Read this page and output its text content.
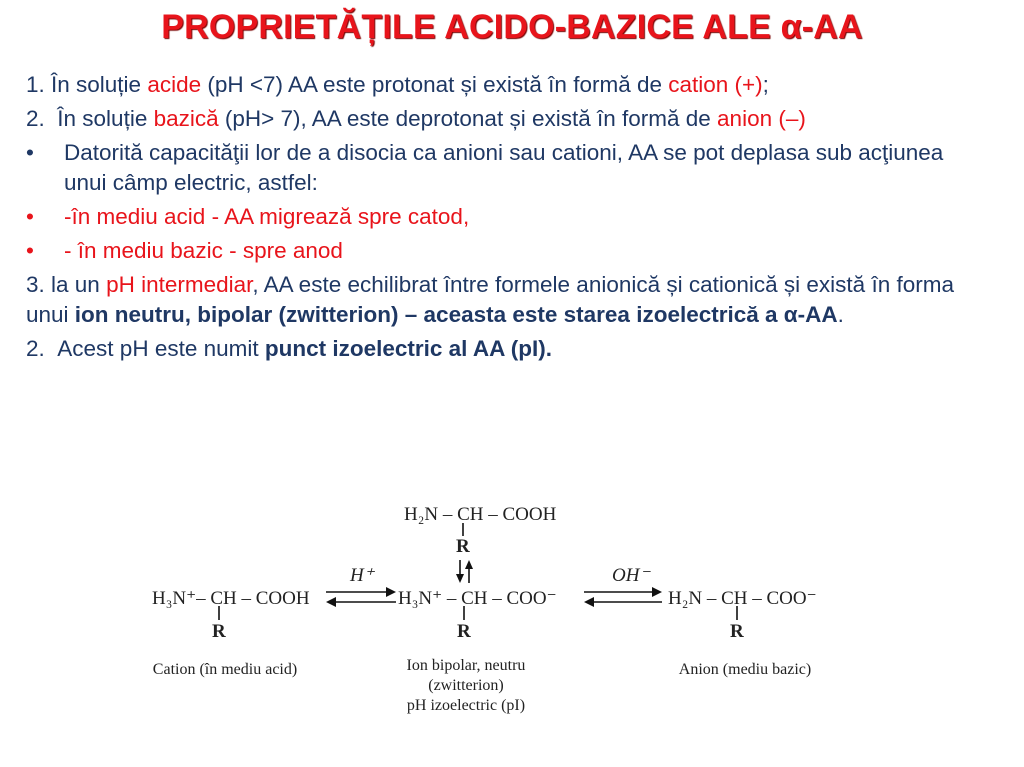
PROPRIETĂȚILE ACIDO-BAZICE ALE α-AA
1. În soluție acide (pH <7) AA este protonat și există în formă de cation (+);
2. În soluție bazică (pH> 7), AA este deprotonat și există în formă de anion (–)
•	Datorită capacităţii lor de a disocia ca anioni sau cationi, AA se pot deplasa sub acţiunea unui câmp electric, astfel:
•	-în mediu acid - AA migrează spre catod,
•	- în mediu bazic - spre anod
3. la un pH intermediar, AA este echilibrat între formele anionică și cationică și există în forma unui ion neutru, bipolar (zwitterion) – aceasta este starea izoelectrică a α-AA.
2. Acest pH este numit punct izoelectric al AA (pI).
H₂N – CH – COOH
R
H⁺	OH⁻
H₃N⁺– CH – COOH
R
H₃N⁺ – CH – COO⁻
R
H₂N – CH – COO⁻
R
Cation (în mediu acid)	Ion bipolar, neutru
(zwitterion)
pH izoelectric (pI)
Anion (mediu bazic)
